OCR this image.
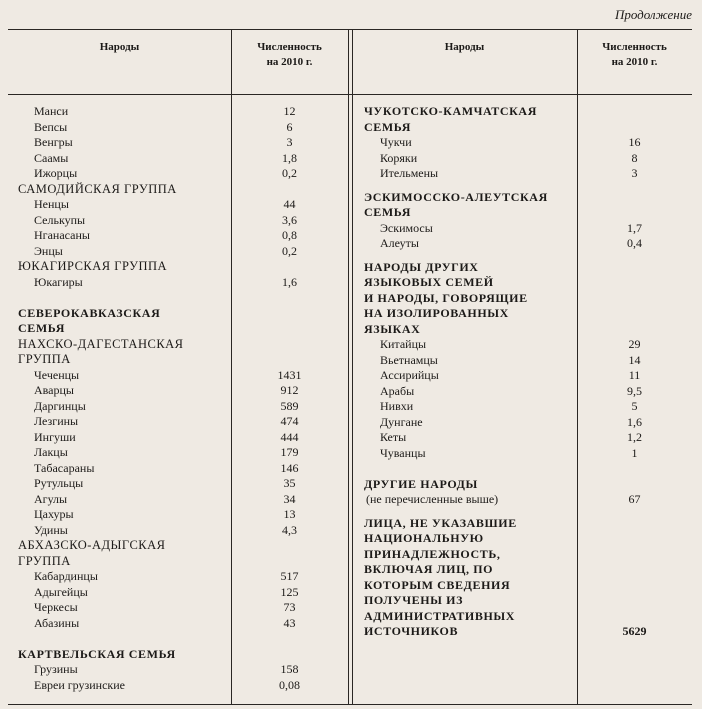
Продолжение
Народы	Численность
на 2010 г.
Народы	Численность
на 2010 г.
Манси	12
Вепсы	6
Венгры	3
Саамы	1,8
Ижорцы	0,2
САМОДИЙСКАЯ ГРУППА
Ненцы	44
Селькупы	3,6
Нганасаны	0,8
Энцы	0,2
ЮКАГИРСКАЯ ГРУППА
Юкагиры	1,6
СЕВЕРОКАВКАЗСКАЯ
СЕМЬЯ
НАХСКО-ДАГЕСТАНСКАЯ
ГРУППА
Чеченцы	1431
Аварцы	912
Даргинцы	589
Лезгины	474
Ингуши	444
Лакцы	179
Табасараны	146
Рутульцы	35
Агулы	34
Цахуры	13
Удины	4,3
АБХАЗСКО-АДЫГСКАЯ
ГРУППА
Кабардинцы	517
Адыгейцы	125
Черкесы	73
Абазины	43
КАРТВЕЛЬСКАЯ СЕМЬЯ
Грузины	158
Евреи грузинские	0,08
ЧУКОТСКО-КАМЧАТСКАЯ
СЕМЬЯ
Чукчи	16
Коряки	8
Ительмены	3
ЭСКИМОССКО-АЛЕУТСКАЯ
СЕМЬЯ
Эскимосы	1,7
Алеуты	0,4
НАРОДЫ ДРУГИХ
ЯЗЫКОВЫХ СЕМЕЙ
И НАРОДЫ, ГОВОРЯЩИЕ
НА ИЗОЛИРОВАННЫХ
ЯЗЫКАХ
Китайцы	29
Вьетнамцы	14
Ассирийцы	11
Арабы	9,5
Нивхи	5
Дунгане	1,6
Кеты	1,2
Чуванцы	1
ДРУГИЕ НАРОДЫ
(не перечисленные выше)	67
ЛИЦА, НЕ УКАЗАВШИЕ
НАЦИОНАЛЬНУЮ
ПРИНАДЛЕЖНОСТЬ,
ВКЛЮЧАЯ ЛИЦ, ПО
КОТОРЫМ СВЕДЕНИЯ
ПОЛУЧЕНЫ ИЗ
АДМИНИСТРАТИВНЫХ
ИСТОЧНИКОВ	5629
